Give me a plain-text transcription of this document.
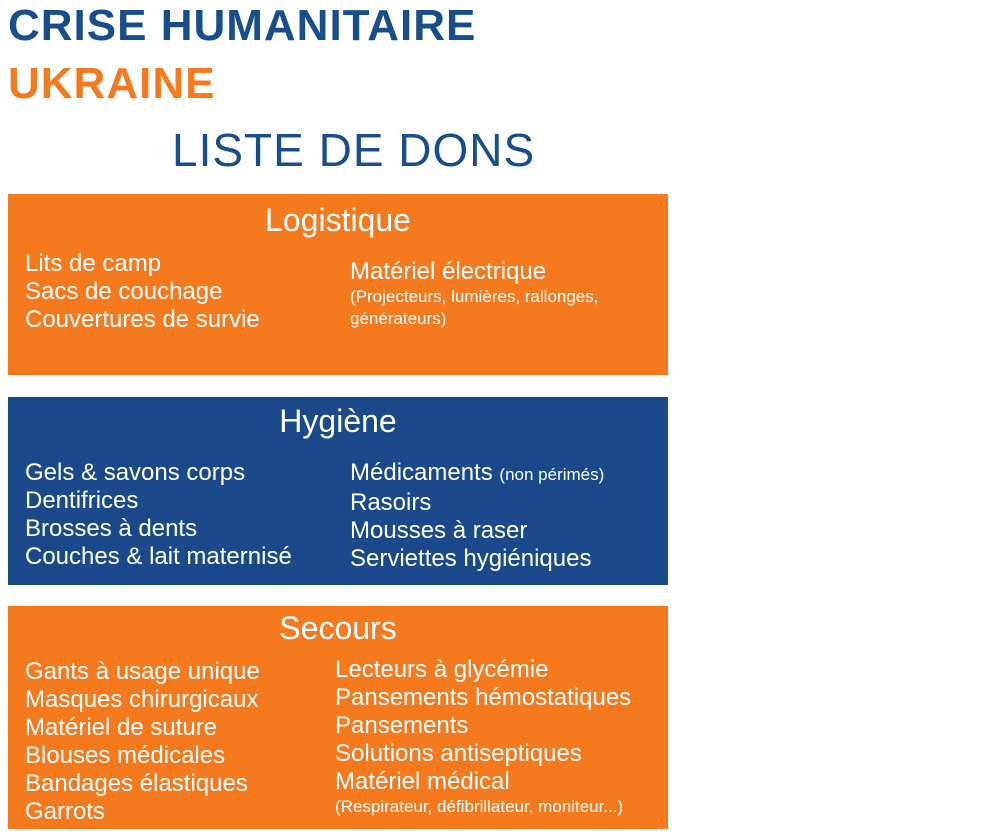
CRISE HUMANITAIRE
UKRAINE
LISTE DE DONS
Logistique
Lits de camp
Sacs de couchage
Couvertures de survie
Matériel électrique
(Projecteurs, lumières, rallonges,
générateurs)
Hygiène
Gels & savons corps
Dentifrices
Brosses à dents
Couches & lait maternisé
Médicaments (non périmés)
Rasoirs
Mousses à raser
Serviettes hygiéniques
Secours
Gants à usage unique
Masques chirurgicaux
Matériel de suture
Blouses médicales
Bandages élastiques
Garrots
Lecteurs à glycémie
Pansements hémostatiques
Pansements
Solutions antiseptiques
Matériel médical
(Respirateur, défibrillateur, moniteur...)
